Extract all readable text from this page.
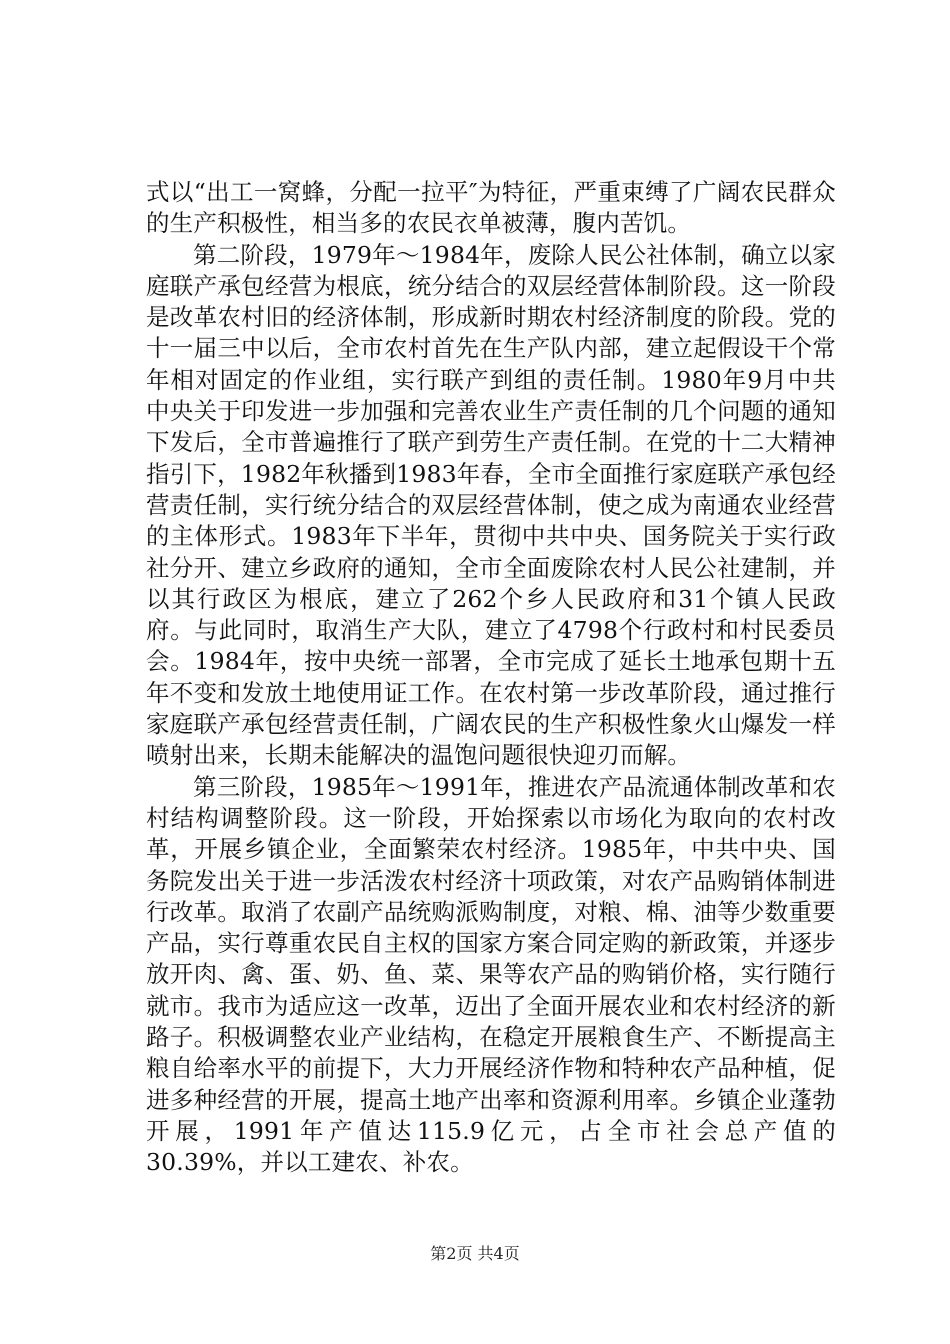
式以“出工一窝蜂，分配一拉平″为特征，严重束缚了广阔农民群众的生产积极性，相当多的农民衣单被薄，腹内苦饥。

第二阶段，1979年～1984年，废除人民公社体制，确立以家庭联产承包经营为根底，统分结合的双层经营体制阶段。这一阶段是改革农村旧的经济体制，形成新时期农村经济制度的阶段。党的十一届三中以后，全市农村首先在生产队内部，建立起假设干个常年相对固定的作业组，实行联产到组的责任制。1980年9月中共中央关于印发进一步加强和完善农业生产责任制的几个问题的通知下发后，全市普遍推行了联产到劳生产责任制。在党的十二大精神指引下，1982年秋播到1983年春，全市全面推行家庭联产承包经营责任制，实行统分结合的双层经营体制，使之成为南通农业经营的主体形式。1983年下半年，贯彻中共中央、国务院关于实行政社分开、建立乡政府的通知，全市全面废除农村人民公社建制，并以其行政区为根底，建立了262个乡人民政府和31个镇人民政府。与此同时，取消生产大队，建立了4798个行政村和村民委员会。1984年，按中央统一部署，全市完成了延长土地承包期十五年不变和发放土地使用证工作。在农村第一步改革阶段，通过推行家庭联产承包经营责任制，广阔农民的生产积极性象火山爆发一样喷射出来，长期未能解决的温饱问题很快迎刃而解。

第三阶段，1985年～1991年，推进农产品流通体制改革和农村结构调整阶段。这一阶段，开始探索以市场化为取向的农村改革，开展乡镇企业，全面繁荣农村经济。1985年，中共中央、国务院发出关于进一步活泼农村经济十项政策，对农产品购销体制进行改革。取消了农副产品统购派购制度，对粮、棉、油等少数重要产品，实行尊重农民自主权的国家方案合同定购的新政策，并逐步放开肉、禽、蛋、奶、鱼、菜、果等农产品的购销价格，实行随行就市。我市为适应这一改革，迈出了全面开展农业和农村经济的新路子。积极调整农业产业结构，在稳定开展粮食生产、不断提高主粮自给率水平的前提下，大力开展经济作物和特种农产品种植，促进多种经营的开展，提高土地产出率和资源利用率。乡镇企业蓬勃开展，1991年产值达115.9亿元，占全市社会总产值的30.39%，并以工建农、补农。

第2页 共4页
